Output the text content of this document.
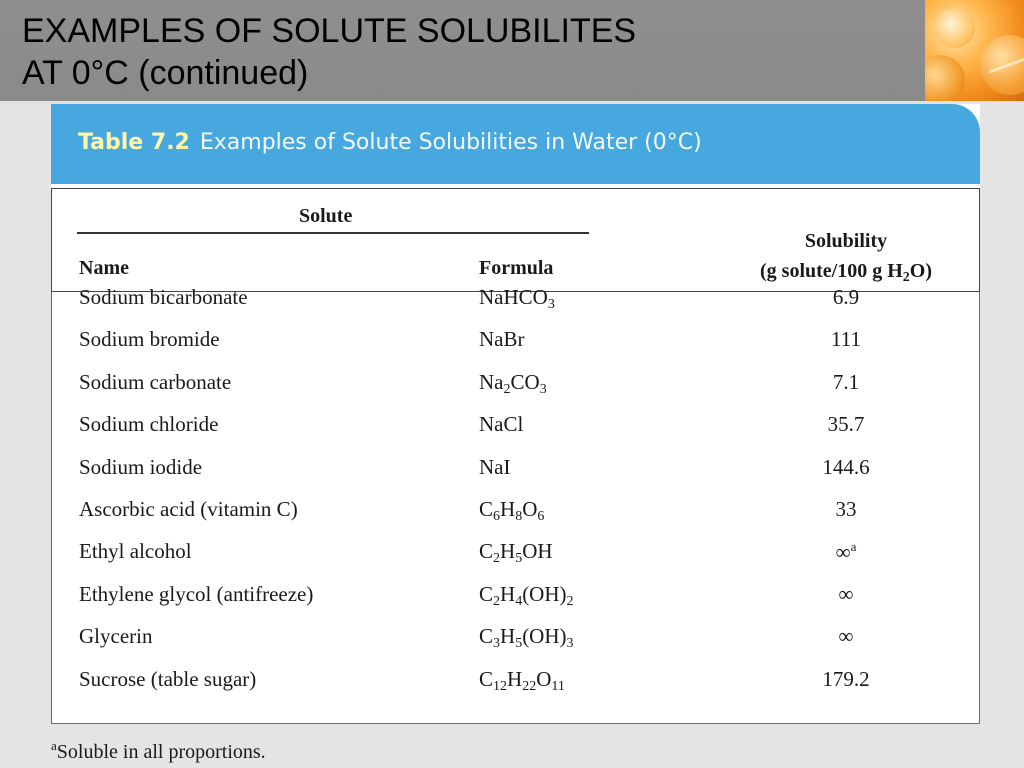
EXAMPLES OF SOLUTE SOLUBILITES
AT 0°C (continued)
Table 7.2 Examples of Solute Solubilities in Water (0°C)
Solute
Name	Formula
Solubility
(g solute/100 g $H_2O$)
Sodium bicarbonate	NaHCO$_3$	6.9
Sodium bromide	NaBr	111
Sodium carbonate	$Na_2CO_3$	7.1
Sodium chloride	NaCl	35.7
Sodium iodide	NaI	144.6
Ascorbic acid (vitamin C)	$C_6H_8O_6$	33
Ethyl alcohol	$C_2H_5OH$	∞$^a$
Ethylene glycol (antifreeze)	$C_2H_4(OH)_2$	∞
Glycerin	$C_3H_5(OH)_3$	∞
Sucrose (table sugar)	$C_{12}H_{22}O_{11}$	179.2
$^a$Soluble in all proportions.
